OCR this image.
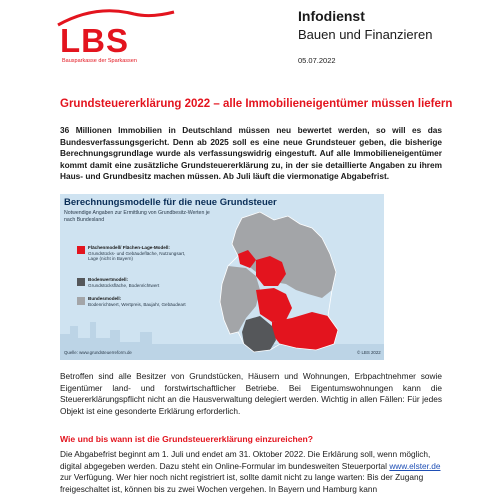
LBS
Bausparkasse der Sparkassen
Infodienst
Bauen und Finanzieren
05.07.2022
Grundsteuererklärung 2022 – alle Immobilieneigentümer müssen liefern
36 Millionen Immobilien in Deutschland müssen neu bewertet werden, so will es das Bundesverfassungsgericht. Denn ab 2025 soll es eine neue Grundsteuer geben, die bisherige Berechnungsgrundlage wurde als verfassungswidrig eingestuft. Auf alle Immobilieneigentümer kommt damit eine zusätzliche Grundsteuererklärung zu, in der sie detaillierte Angaben zu ihrem Haus- und Grundbesitz machen müssen. Ab Juli läuft die viermonatige Abgabefrist.
Berechnungsmodelle für die neue Grundsteuer
Notwendige Angaben zur Ermittlung von Grundbesitz-Werten je nach Bundesland
Flächenmodell/ Flächen-Lage-Modell:
Grundstücks- und Gebäudefläche, Nutzungsart, Lage (nicht in Bayern)
Bodenwertmodell:
Grundstücksfläche, Bodenrichtwert
Bundesmodell:
Bodenrichtwert, Wertpreis, Baujahr, Gebäudeart
Quelle: www.grundsteuerreform.de	© LBS 2022
Betroffen sind alle Besitzer von Grundstücken, Häusern und Wohnungen, Erbpachtnehmer sowie Eigentümer land- und forstwirtschaftlicher Betriebe. Bei Eigentumswohnungen kann die Steuererklärungspflicht nicht an die Hausverwaltung delegiert werden. Wichtig in allen Fällen: Für jedes Objekt ist eine gesonderte Erklärung erforderlich.
Wie und bis wann ist die Grundsteuererklärung einzureichen?
Die Abgabefrist beginnt am 1. Juli und endet am 31. Oktober 2022. Die Erklärung soll, wenn möglich, digital abgegeben werden. Dazu steht ein Online-Formular im bundesweiten Steuerportal www.elster.de zur Verfügung. Wer hier noch nicht registriert ist, sollte damit nicht zu lange warten: Bis der Zugang freigeschaltet ist, können bis zu zwei Wochen vergehen. In Bayern und Hamburg kann
